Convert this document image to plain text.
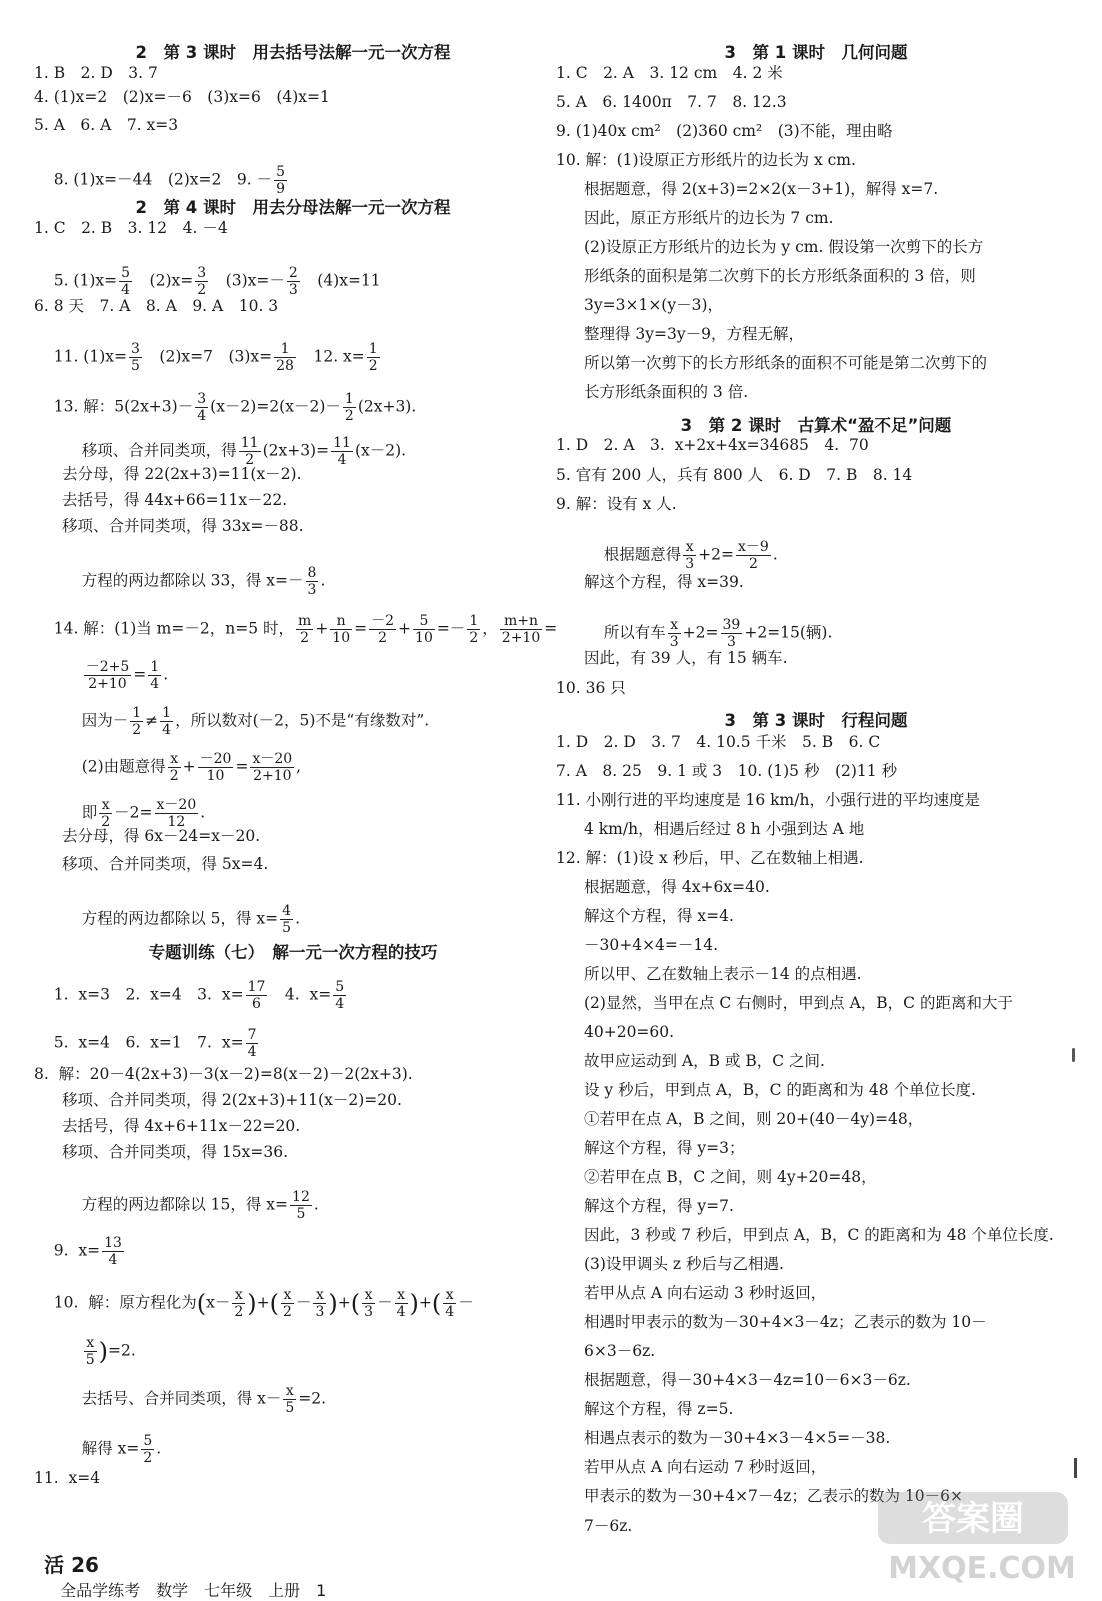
2　第 3 课时　用去括号法解一元一次方程
1. B　2. D　3. 7
4. (1)x=2　(2)x=－6　(3)x=6　(4)x=1
5. A　6. A　7. x=3

8. (1)x=－44　(2)x=2　9. － $\frac{5}{9}$

2　第 4 课时　用去分母法解一元一次方程
1. C　2. B　3. 12　4. －4

5. $(1)x= \frac{5}{4}$ 　$(2)x= \frac{3}{2}$ 　$(3)x=- \frac{2}{3}$ 　(4)x=11

6. 8 天　7. A　8. A　9. A　10. 3

11. $(1)x= \frac{3}{5}$ 　(2)x=7　$(3)x= \frac{1}{28}$ 　12. $x= \frac{1}{2}$

13. 解：$5(2x+3)- \frac{3}{4} (x-2)=2(x-2)- \frac{1}{2} (2x+3)$.

移项、合并同类项，得 $\frac{11}{2} (2x+3)= \frac{11}{4} (x-2)$.

去分母，得 22(2x+3)=11(x－2).
去括号，得 44x+66=11x－22.
移项、合并同类项，得 33x=－88.

方程的两边都除以 33，得 $x=- \frac{8}{3}$ .

14. 解：(1)当 m=－2，n=5 时， $\frac{m}{2} + \frac{n}{10} = \frac{-2}{2} + \frac{5}{10} =- \frac{1}{2}$ ， $\frac{m+n}{2+10}$ =

$\frac{-2+5}{2+10} = \frac{1}{4}$ .

因为－ $\frac{1}{2} \ne \frac{1}{4}$ ，所以数对(－2，5)不是“有缘数对”.

(2)由题意得 $\frac{x}{2} + \frac{-20}{10} = \frac{x-20}{2+10}$ ,

即 $\frac{x}{2} -2= \frac{x-20}{12}$ .

去分母，得 6x－24=x－20.
移项、合并同类项，得 5x=4.

方程的两边都除以 5，得 $x= \frac{4}{5}$ .

专题训练（七）　解一元一次方程的技巧

1.  x=3　2.  x=4　3.  $x= \frac{17}{6}$ 　4.  $x= \frac{5}{4}$

5.  x=4　6.  x=1　7.  $x= \frac{7}{4}$

8.  解：20－4(2x+3)－3(x－2)=8(x－2)－2(2x+3).
移项、合并同类项，得 2(2x+3)+11(x－2)=20.
去括号，得 4x+6+11x－22=20.
移项、合并同类项，得 15x=36.

方程的两边都除以 15，得 $x= \frac{12}{5}$ .

9.  $x= \frac{13}{4}$

10.  解：原方程化为($x- \frac{x}{2}$ )+( $\frac{x}{2} - \frac{x}{3}$ )+( $\frac{x}{3} - \frac{x}{4}$ )+( $\frac{x}{4}$ －

$\frac{x}{5} )=2$.

去括号、合并同类项，得 $x- \frac{x}{5} =2$.

解得 $x= \frac{5}{2}$ .

11.  x=4
3　第 1 课时　几何问题
1. C　2. A　3. 12 cm　4. 2 米
5. A　6. 1400π　7. 7　8. 12.3
9. (1)40x cm²　(2)360 cm²　(3)不能，理由略
10. 解：(1)设原正方形纸片的边长为 x cm.
根据题意，得 2(x+3)=2×2(x－3+1)，解得 x=7.
因此，原正方形纸片的边长为 7 cm.
(2)设原正方形纸片的边长为 y cm. 假设第一次剪下的长方
形纸条的面积是第二次剪下的长方形纸条面积的 3 倍，则
3y=3×1×(y－3)，
整理得 3y=3y－9，方程无解，
所以第一次剪下的长方形纸条的面积不可能是第二次剪下的
长方形纸条面积的 3 倍.
3　第 2 课时　古算术“盈不足”问题
1. D　2. A　3.  x+2x+4x=34685　4.  70
5. 官有 200 人，兵有 800 人　6. D　7. B　8. 14
9. 解：设有 x 人.

根据题意得 $\frac{x}{3} +2= \frac{x-9}{2}$ .

解这个方程，得 x=39.

所以有车 $\frac{x}{3} +2= \frac{39}{3} +2=15$(辆).

因此，有 39 人，有 15 辆车.
10. 36 只
3　第 3 课时　行程问题
1. D　2. D　3. 7　4. 10.5 千米　5. B　6. C
7. A　8. 25　9. 1 或 3　10. (1)5 秒　(2)11 秒
11. 小刚行进的平均速度是 16 km/h，小强行进的平均速度是
4 km/h，相遇后经过 8 h 小强到达 A 地
12. 解：(1)设 x 秒后，甲、乙在数轴上相遇.
根据题意，得 4x+6x=40.
解这个方程，得 x=4.
－30+4×4=－14.
所以甲、乙在数轴上表示－14 的点相遇.
(2)显然，当甲在点 C 右侧时，甲到点 A，B，C 的距离和大于
40+20=60.
故甲应运动到 A，B 或 B，C 之间.
设 y 秒后，甲到点 A，B，C 的距离和为 48 个单位长度.
①若甲在点 A，B 之间，则 20+(40－4y)=48，
解这个方程，得 y=3；
②若甲在点 B，C 之间，则 4y+20=48，
解这个方程，得 y=7.
因此，3 秒或 7 秒后，甲到点 A，B，C 的距离和为 48 个单位长度.
(3)设甲调头 z 秒后与乙相遇.
若甲从点 A 向右运动 3 秒时返回，
相遇时甲表示的数为－30+4×3－4z；乙表示的数为 10－
6×3－6z.
根据题意，得－30+4×3－4z=10－6×3－6z.
解这个方程，得 z=5.
相遇点表示的数为－30+4×3－4×5=－38.
若甲从点 A 向右运动 7 秒时返回，
甲表示的数为－30+4×7－4z；乙表示的数为 10－6×
7－6z.

活 26
全品学练考　数学　七年级　上册　1

答案圈
MXQE.COM
